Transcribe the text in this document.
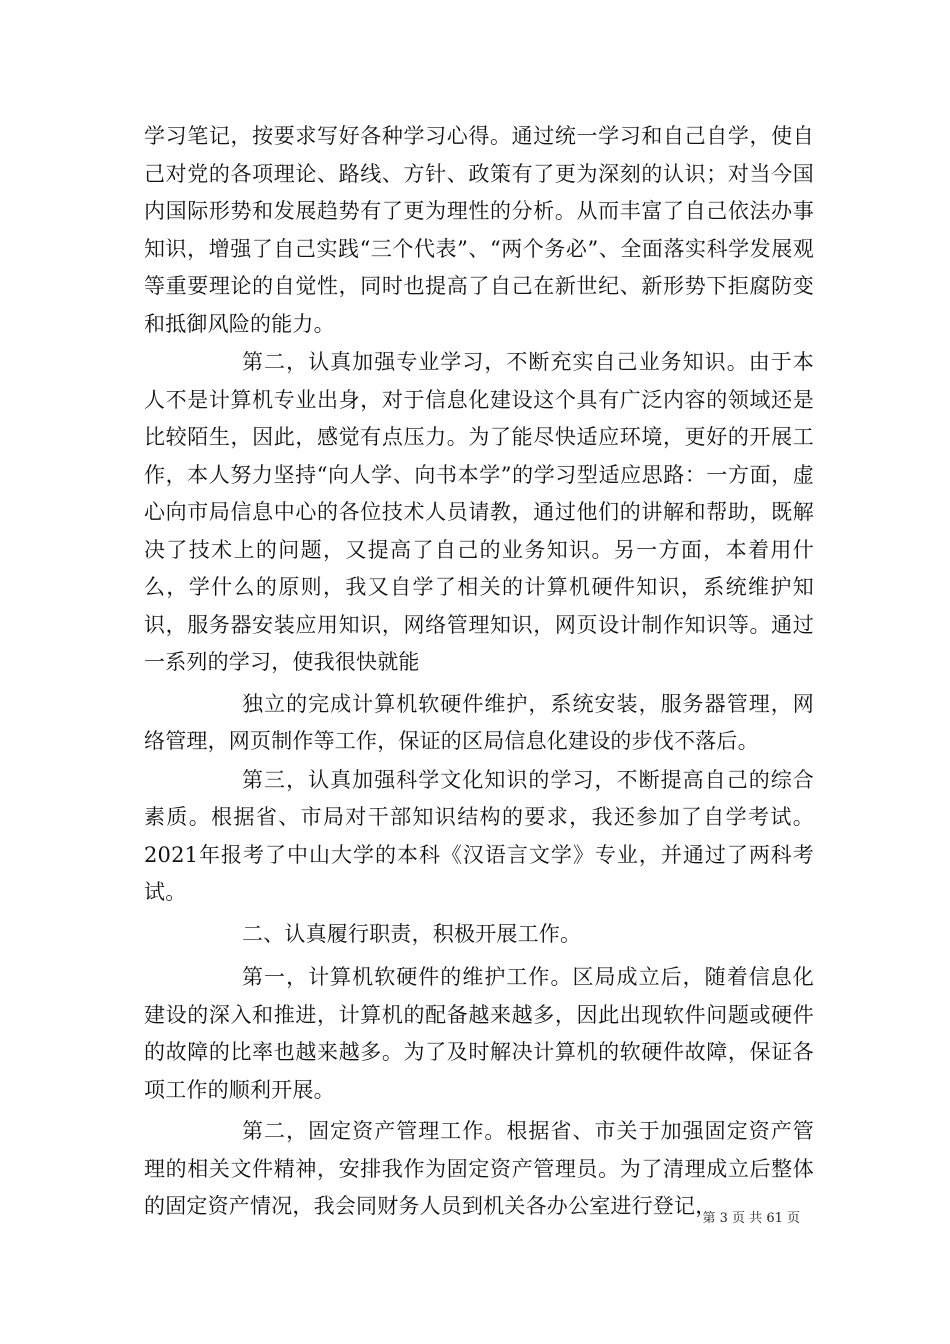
学习笔记，按要求写好各种学习心得。通过统一学习和自己自学，使自己对党的各项理论、路线、方针、政策有了更为深刻的认识；对当今国内国际形势和发展趋势有了更为理性的分析。从而丰富了自己依法办事知识，增强了自己实践“三个代表”、“两个务必”、全面落实科学发展观等重要理论的自觉性，同时也提高了自己在新世纪、新形势下拒腐防变和抵御风险的能力。

第二，认真加强专业学习，不断充实自己业务知识。由于本人不是计算机专业出身，对于信息化建设这个具有广泛内容的领域还是比较陌生，因此，感觉有点压力。为了能尽快适应环境，更好的开展工作，本人努力坚持“向人学、向书本学”的学习型适应思路：一方面，虚心向市局信息中心的各位技术人员请教，通过他们的讲解和帮助，既解决了技术上的问题，又提高了自己的业务知识。另一方面，本着用什么，学什么的原则，我又自学了相关的计算机硬件知识，系统维护知识，服务器安装应用知识，网络管理知识，网页设计制作知识等。通过一系列的学习，使我很快就能

独立的完成计算机软硬件维护，系统安装，服务器管理，网络管理，网页制作等工作，保证的区局信息化建设的步伐不落后。

第三，认真加强科学文化知识的学习，不断提高自己的综合素质。根据省、市局对干部知识结构的要求，我还参加了自学考试。2021年报考了中山大学的本科《汉语言文学》专业，并通过了两科考试。

二、认真履行职责，积极开展工作。

第一，计算机软硬件的维护工作。区局成立后，随着信息化建设的深入和推进，计算机的配备越来越多，因此出现软件问题或硬件的故障的比率也越来越多。为了及时解决计算机的软硬件故障，保证各项工作的顺利开展。

第二，固定资产管理工作。根据省、市关于加强固定资产管理的相关文件精神，安排我作为固定资产管理员。为了清理成立后整体的固定资产情况，我会同财务人员到机关各办公室进行登记，

第 3 页 共 61 页
